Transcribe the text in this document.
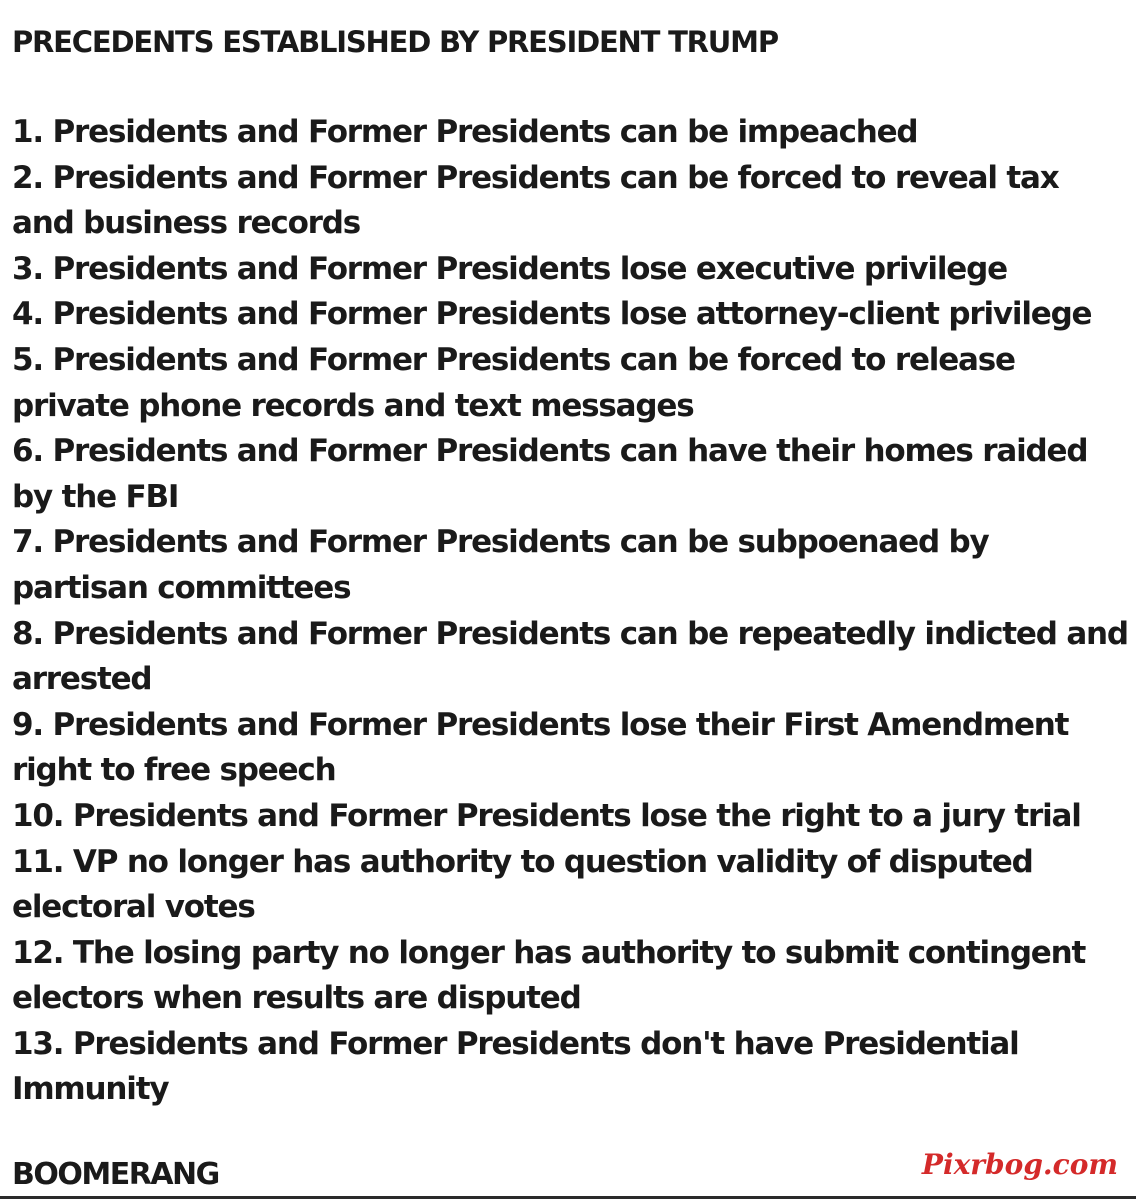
PRECEDENTS ESTABLISHED BY PRESIDENT TRUMP

1. Presidents and Former Presidents can be impeached

2. Presidents and Former Presidents can be forced to reveal tax and business records

3. Presidents and Former Presidents lose executive privilege

4. Presidents and Former Presidents lose attorney-client privilege

5. Presidents and Former Presidents can be forced to release private phone records and text messages

6. Presidents and Former Presidents can have their homes raided by the FBI

7. Presidents and Former Presidents can be subpoenaed by partisan committees

8. Presidents and Former Presidents can be repeatedly indicted and arrested

9. Presidents and Former Presidents lose their First Amendment right to free speech

10. Presidents and Former Presidents lose the right to a jury trial

11. VP no longer has authority to question validity of disputed electoral votes

12. The losing party no longer has authority to submit contingent electors when results are disputed

13. Presidents and Former Presidents don't have Presidential Immunity

BOOMERANG	Pixrbog.com
